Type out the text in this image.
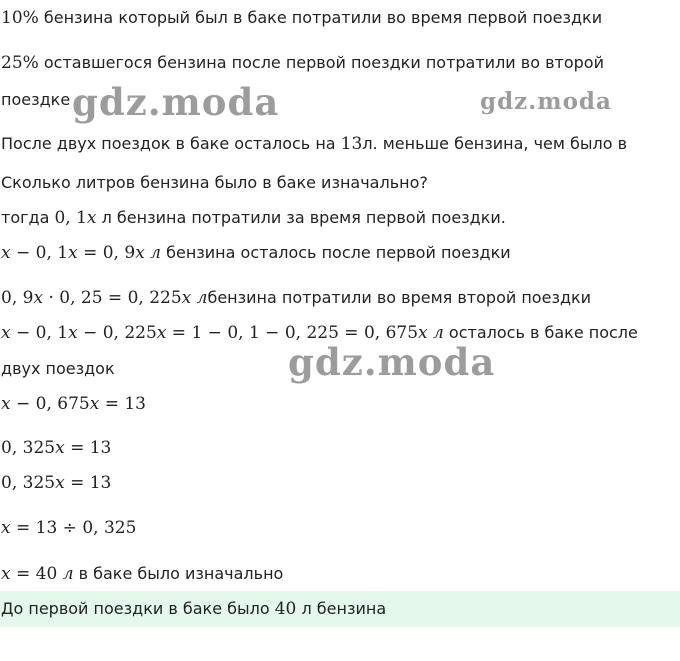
10% бензина который был в баке потратили во время первой поездки
25% оставшегося бензина после первой поездки потратили во второй
поездке gdz.moda	gdz.moda
После двух поездок в баке осталось на 13л. меньше бензина, чем было в
Сколько литров бензина было в баке изначально?
тогда 0, 1x л бензина потратили за время первой поездки.
x − 0, 1x = 0, 9x л бензина осталось после первой поездки
0, 9x · 0, 25 = 0, 225x лбензина потратили во время второй поездки
x − 0, 1x − 0, 225x = 1 − 0, 1 − 0, 225 = 0, 675x л осталось в баке после
двух поездок	gdz.moda
x − 0, 675x = 13
0, 325x = 13
0, 325x = 13
x = 13 ÷ 0, 325
x = 40 л в баке было изначально
До первой поездки в баке было 40 л бензина
